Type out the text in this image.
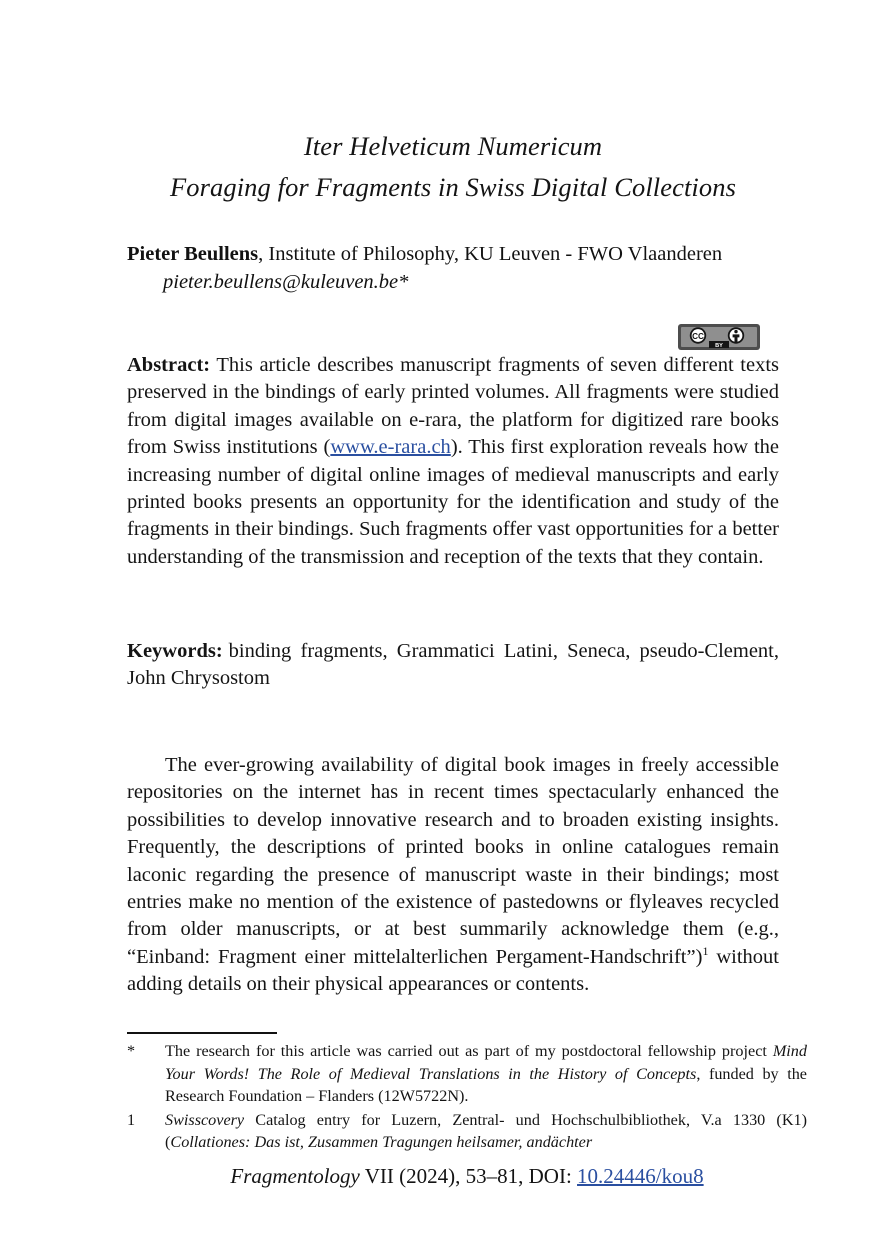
Iter Helveticum Numericum
Foraging for Fragments in Swiss Digital Collections
Pieter Beullens, Institute of Philosophy, KU Leuven - FWO Vlaanderen
pieter.beullens@kuleuven.be*
CC
BY
Abstract: This article describes manuscript fragments of seven different texts preserved in the bindings of early printed volumes. All fragments were studied from digital images available on e-rara, the platform for digitized rare books from Swiss institutions (www.e-rara.ch). This first exploration reveals how the increasing number of digital online images of medieval manuscripts and early printed books presents an opportunity for the identification and study of the fragments in their bindings. Such fragments offer vast opportunities for a better understanding of the transmission and reception of the texts that they contain.
Keywords: binding fragments, Grammatici Latini, Seneca, pseudo-Clement, John Chrysostom
The ever-growing availability of digital book images in freely accessible repositories on the internet has in recent times spectacularly enhanced the possibilities to develop innovative research and to broaden existing insights. Frequently, the descriptions of printed books in online catalogues remain laconic regarding the presence of manuscript waste in their bindings; most entries make no mention of the existence of pastedowns or flyleaves recycled from older manuscripts, or at best summarily acknowledge them (e.g., “Einband: Fragment einer mittelalterlichen Pergament-Handschrift”)$^1$ without adding details on their physical appearances or contents.
*	The research for this article was carried out as part of my postdoctoral fellowship project Mind Your Words! The Role of Medieval Translations in the History of Concepts, funded by the Research Foundation – Flanders (12W5722N).
1	Swisscovery Catalog entry for Luzern, Zentral- und Hochschulbibliothek, V.a 1330 (K1) (Collationes: Das ist, Zusammen Tragungen heilsamer, andächter
Fragmentology VII (2024), 53–81, DOI: 10.24446/kou8
